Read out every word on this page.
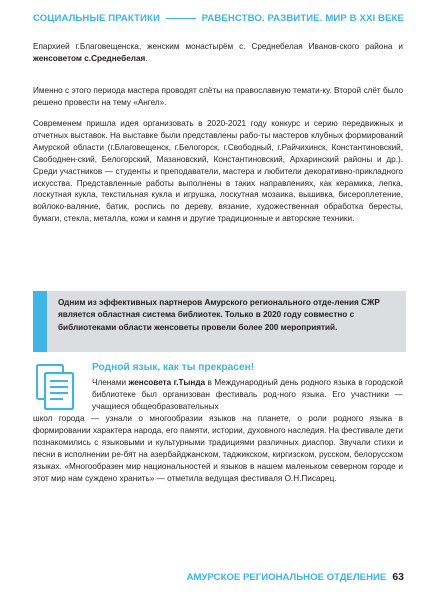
СОЦИАЛЬНЫЕ ПРАКТИКИ	РАВЕНСТВО. РАЗВИТИЕ. МИР В XXI ВЕКЕ

Епархией г.Благовещенска, женским монастырём с. Среднебелая Иванов-ского района и женсоветом с.Среднебелая.

Именно с этого периода мастера проводят слёты на православную темати-ку. Второй слёт было решено провести на тему «Ангел».

Современем пришла идея организовать в 2020-2021 году конкурс и серию передвижных и отчетных выставок. На выставке были представлены рабо-ты мастеров клубных формирований Амурской области (г.Благовещенск, г.Белогорск, г.Свободный, г.Райчихинск, Константиновский, Свободнен-ский, Белогорский, Мазановский, Константиновский, Архаринский районы и др.). Среди участников — студенты и преподаватели, мастера и любители декоративно-прикладного искусства. Представленные работы выполнены в таких направлениях, как керамика, лепка, лоскутная кукла, текстильная кукла и игрушка, лоскутная мозаика, вышивка, бисероплетение, войлоко-валяние, батик, роспись по дереву, вязание, художественная обработка бересты, бумаги, стекла, металла, кожи и камня и другие традиционные и авторские техники.

Одним из эффективных партнеров Амурского регионального отде-ления СЖР является областная система библиотек. Только в 2020 году совместно с библиотеками области женсоветы провели более 200 мероприятий.

Родной язык, как ты прекрасен!

Членами женсовета г.Тында в Международный день родного языка в городской библиотеке был организован фестиваль род-ного языка. Его участники — учащиеся общеобразовательных

школ города — узнали о многообразии языков на планете, о роли родного языка в формировании характера народа, его памяти, истории, духовного наследия. На фестивале дети познакомились с языковыми и культурными традициями различных диаспор. Звучали стихи и песни в исполнении ре-бят на азербайджанском, таджикском, киргизском, русском, белорусском языках. «Многообразен мир национальностей и языков в нашем маленьком северном городе и этот мир нам суждено хранить» — отметила ведущая фестиваля О.Н.Писарец.

АМУРСКОЕ РЕГИОНАЛЬНОЕ ОТДЕЛЕНИЕ 63
